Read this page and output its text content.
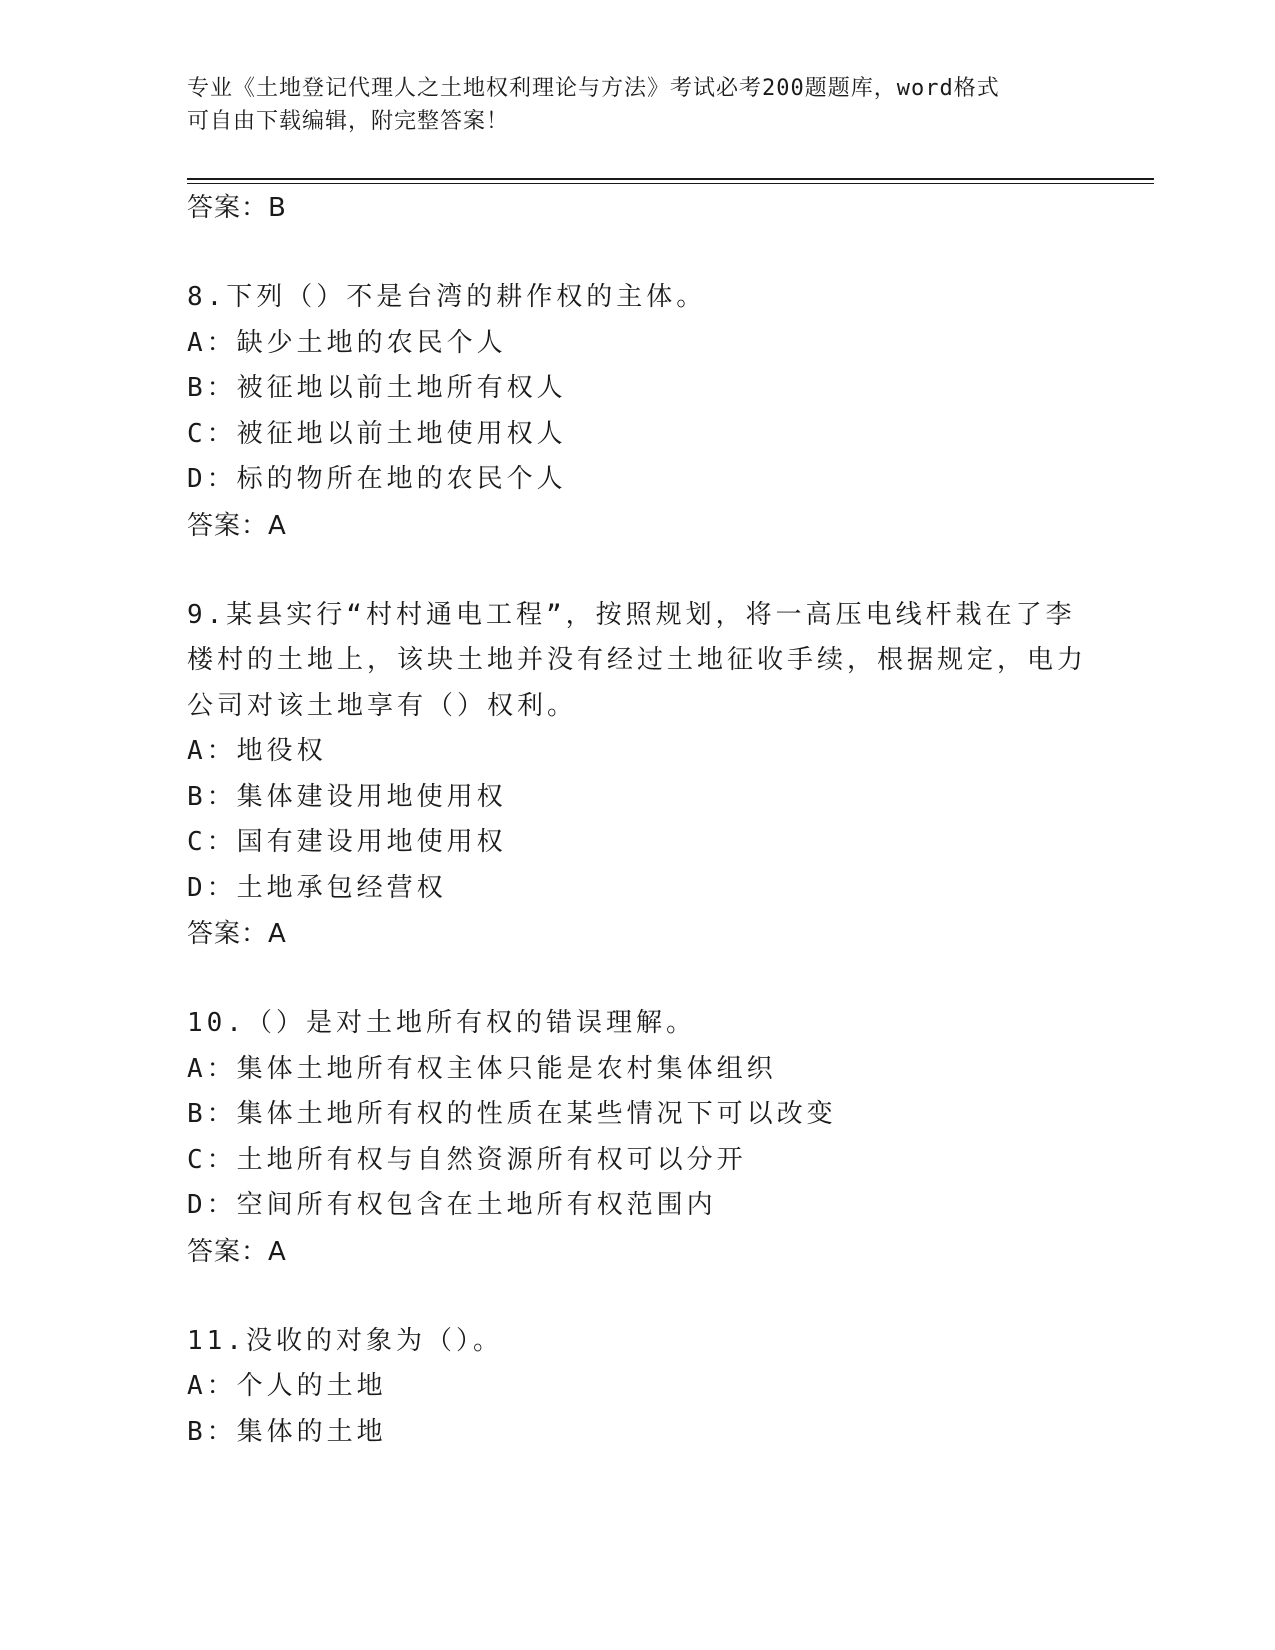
专业《土地登记代理人之土地权利理论与方法》考试必考200题题库，word格式
可自由下载编辑，附完整答案！
答案：B
8.下列（）不是台湾的耕作权的主体。
A：缺少土地的农民个人
B：被征地以前土地所有权人
C：被征地以前土地使用权人
D：标的物所在地的农民个人
答案：A
9.某县实行“村村通电工程”，按照规划，将一高压电线杆栽在了李
楼村的土地上，该块土地并没有经过土地征收手续，根据规定，电力
公司对该土地享有（）权利。
A：地役权
B：集体建设用地使用权
C：国有建设用地使用权
D：土地承包经营权
答案：A
10.（）是对土地所有权的错误理解。
A：集体土地所有权主体只能是农村集体组织
B：集体土地所有权的性质在某些情况下可以改变
C：土地所有权与自然资源所有权可以分开
D：空间所有权包含在土地所有权范围内
答案：A
11.没收的对象为（）。
A：个人的土地
B：集体的土地
